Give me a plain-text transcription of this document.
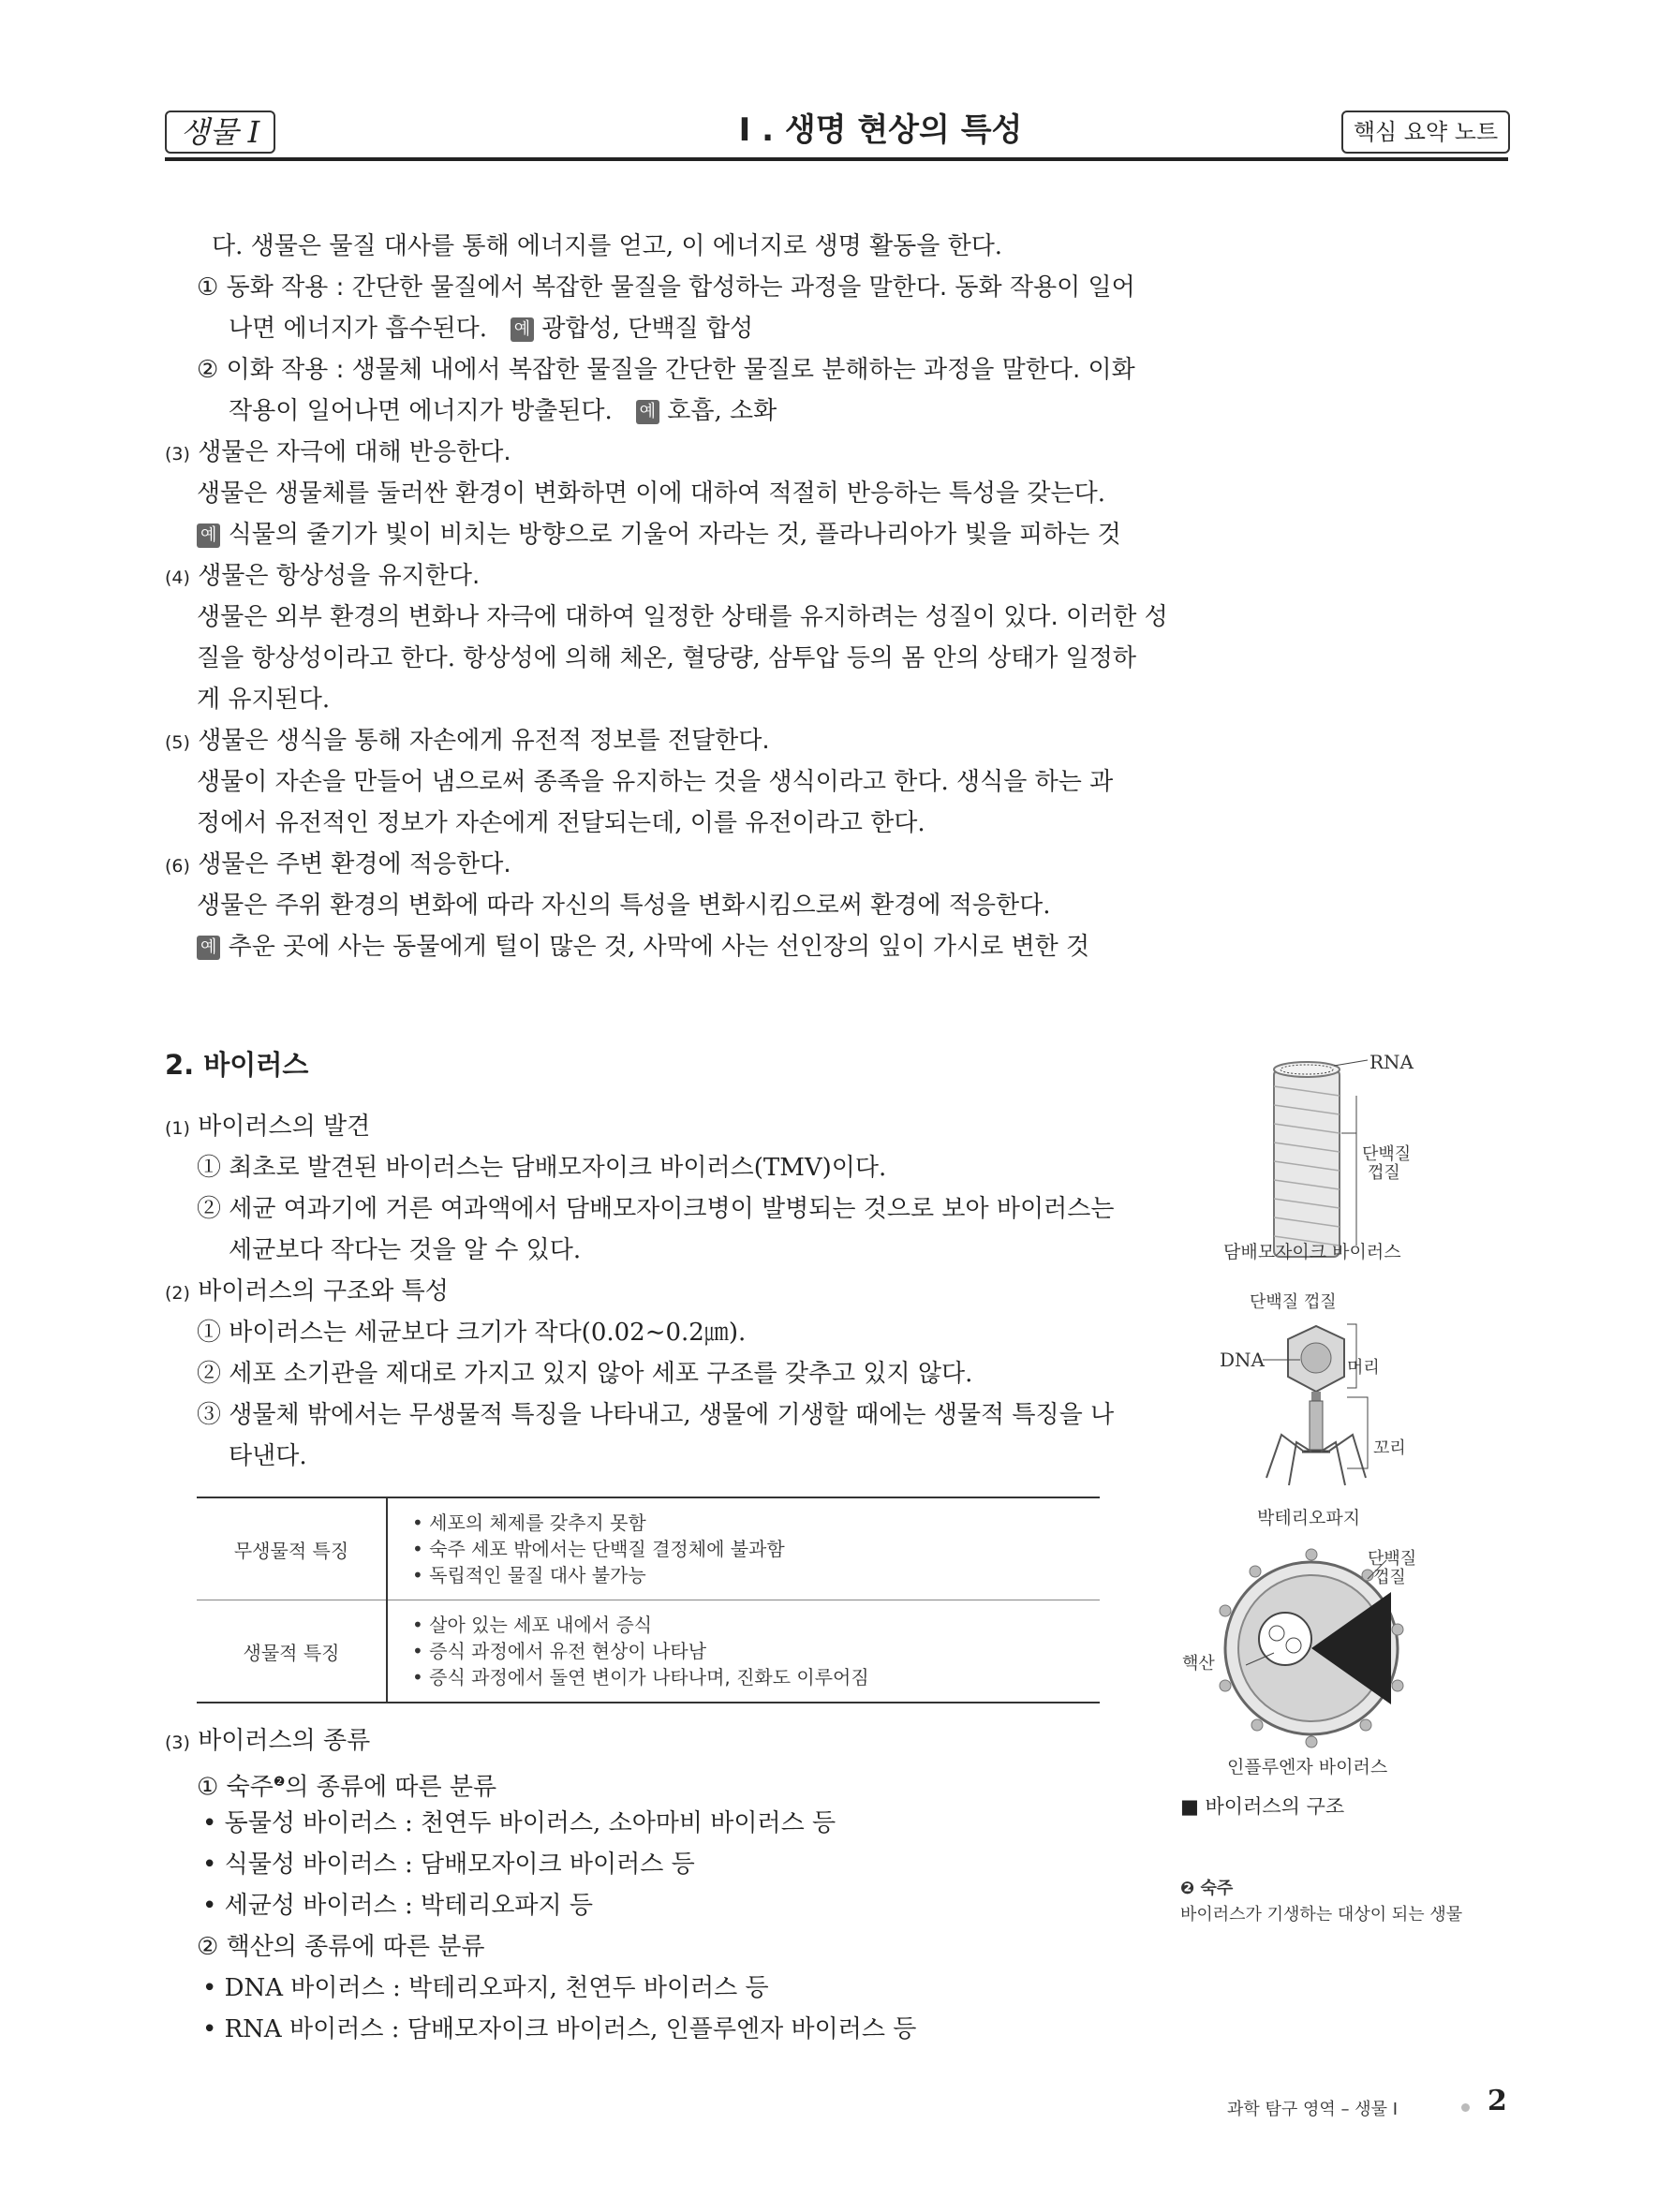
생물 I	I . 생명 현상의 특성	핵심 요약 노트
다. 생물은 물질 대사를 통해 에너지를 얻고, 이 에너지로 생명 활동을 한다.
① 동화 작용 : 간단한 물질에서 복잡한 물질을 합성하는 과정을 말한다. 동화 작용이 일어
나면 에너지가 흡수된다. 예 광합성, 단백질 합성
② 이화 작용 : 생물체 내에서 복잡한 물질을 간단한 물질로 분해하는 과정을 말한다. 이화
작용이 일어나면 에너지가 방출된다. 예 호흡, 소화
(3) 생물은 자극에 대해 반응한다.
생물은 생물체를 둘러싼 환경이 변화하면 이에 대하여 적절히 반응하는 특성을 갖는다.
예 식물의 줄기가 빛이 비치는 방향으로 기울어 자라는 것, 플라나리아가 빛을 피하는 것
(4) 생물은 항상성을 유지한다.
생물은 외부 환경의 변화나 자극에 대하여 일정한 상태를 유지하려는 성질이 있다. 이러한 성
질을 항상성이라고 한다. 항상성에 의해 체온, 혈당량, 삼투압 등의 몸 안의 상태가 일정하
게 유지된다.
(5) 생물은 생식을 통해 자손에게 유전적 정보를 전달한다.
생물이 자손을 만들어 냄으로써 종족을 유지하는 것을 생식이라고 한다. 생식을 하는 과
정에서 유전적인 정보가 자손에게 전달되는데, 이를 유전이라고 한다.
(6) 생물은 주변 환경에 적응한다.
생물은 주위 환경의 변화에 따라 자신의 특성을 변화시킴으로써 환경에 적응한다.
예 추운 곳에 사는 동물에게 털이 많은 것, 사막에 사는 선인장의 잎이 가시로 변한 것
2. 바이러스
(1) 바이러스의 발견
① 최초로 발견된 바이러스는 담배모자이크 바이러스(TMV)이다.
② 세균 여과기에 거른 여과액에서 담배모자이크병이 발병되는 것으로 보아 바이러스는
세균보다 작다는 것을 알 수 있다.
(2) 바이러스의 구조와 특성
① 바이러스는 세균보다 크기가 작다(0.02∼0.2㎛).
② 세포 소기관을 제대로 가지고 있지 않아 세포 구조를 갖추고 있지 않다.
③ 생물체 밖에서는 무생물적 특징을 나타내고, 생물에 기생할 때에는 생물적 특징을 나
타낸다.
무생물적 특징	• 세포의 체제를 갖추지 못함
• 숙주 세포 밖에서는 단백질 결정체에 불과함
• 독립적인 물질 대사 불가능

생물적 특징	• 살아 있는 세포 내에서 증식
• 증식 과정에서 유전 현상이 나타남
• 증식 과정에서 돌연 변이가 나타나며, 진화도 이루어짐
(3) 바이러스의 종류
① 숙주$^❷$의 종류에 따른 분류
• 동물성 바이러스 : 천연두 바이러스, 소아마비 바이러스 등
• 식물성 바이러스 : 담배모자이크 바이러스 등
• 세균성 바이러스 : 박테리오파지 등
② 핵산의 종류에 따른 분류
• DNA 바이러스 : 박테리오파지, 천연두 바이러스 등
• RNA 바이러스 : 담배모자이크 바이러스, 인플루엔자 바이러스 등
RNA
단백질
껍질
담배모자이크 바이러스
단백질 껍질
DNA	머리
꼬리
박테리오파지
단백질
껍질
핵산
인플루엔자 바이러스
■ 바이러스의 구조
❷ 숙주
바이러스가 기생하는 대상이 되는 생물
과학 탐구 영역 – 생물 I	2
